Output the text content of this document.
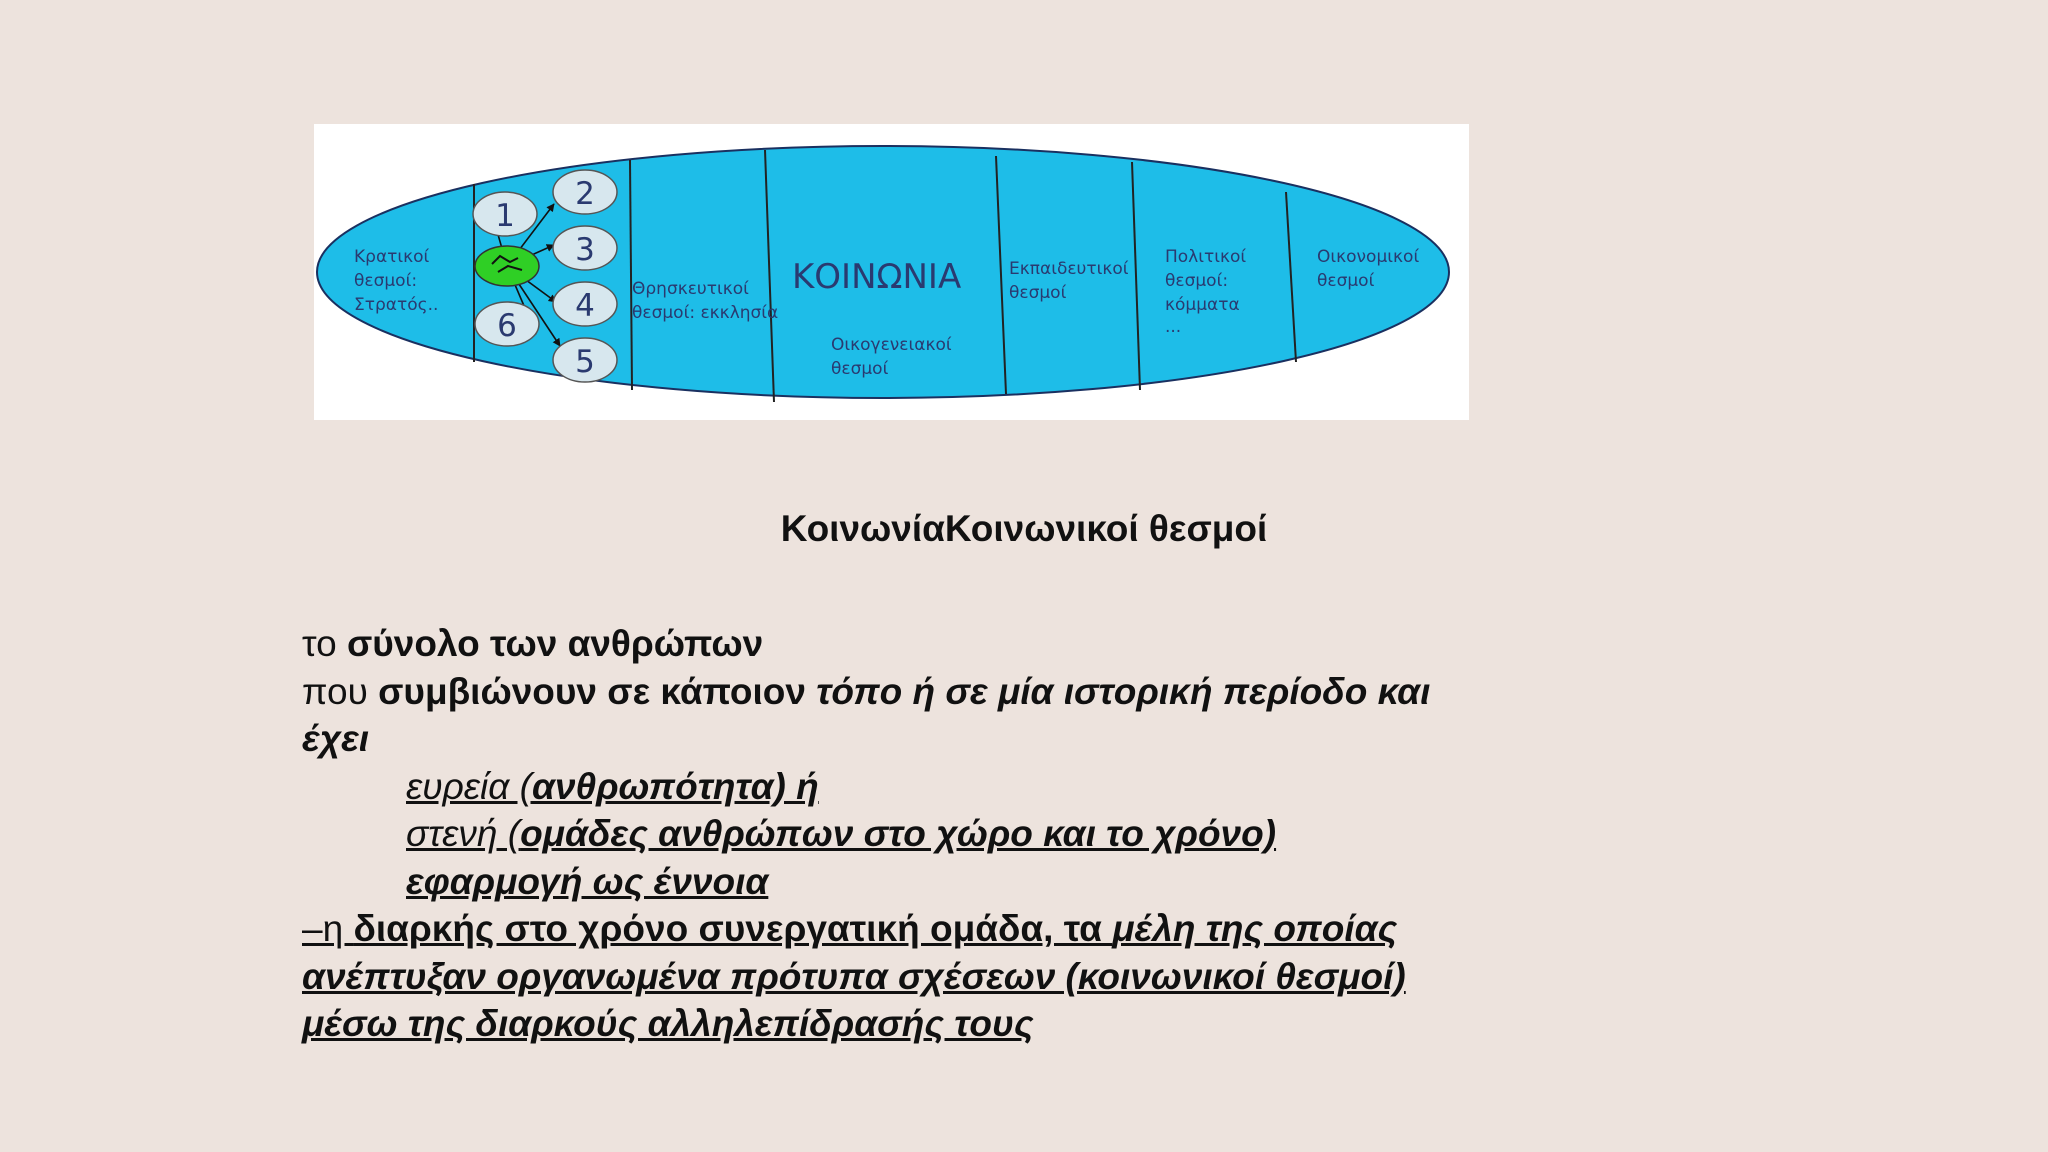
1
2
3
4
5
6
Κρατικοί θεσμοί: Στρατός..
Θρησκευτικοί θεσμοί: εκκλησία
ΚΟΙΝΩΝΙΑ
Οικογενειακοί θεσμοί
Εκπαιδευτικοί θεσμοί
Πολιτικοί θεσμοί: κόμματα ...
Οικονομικοί θεσμοί
ΚοινωνίαΚοινωνικοί θεσμοί
το σύνολο των ανθρώπων
που συμβιώνουν σε κάποιον τόπο ή σε μία ιστορική περίοδο και
έχει
ευρεία (ανθρωπότητα) ή
στενή (ομάδες ανθρώπων στο χώρο και το χρόνο)
εφαρμογή ως έννοια
–η διαρκής στο χρόνο συνεργατική ομάδα, τα μέλη της οποίας
ανέπτυξαν οργανωμένα πρότυπα σχέσεων (κοινωνικοί θεσμοί)
μέσω της διαρκούς αλληλεπίδρασής τους
